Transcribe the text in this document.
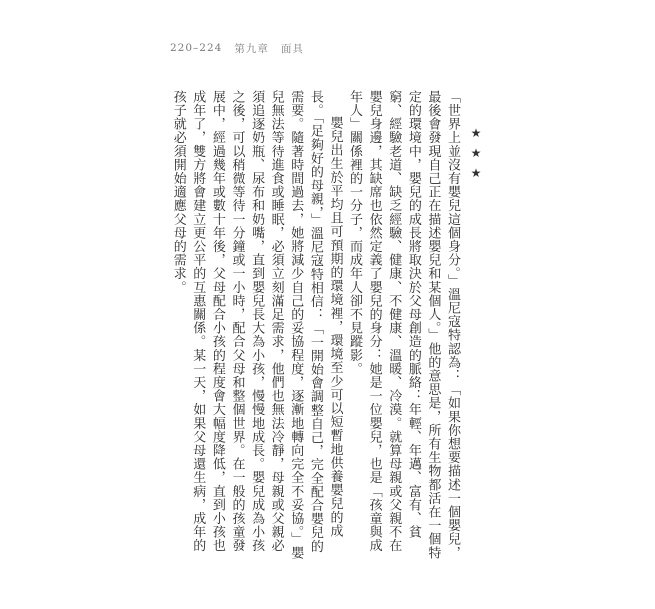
220–224 第九章 面具
★★★

「世界上並沒有嬰兒這個身分。」溫尼寇特認為：「如果你想要描述一個嬰兒，最後會發現自己正在描述嬰兒和某個人。」他的意思是，所有生物都活在一個特定的環境中，嬰兒的成長將取決於父母創造的脈絡：年輕、年邁、富有、貧窮、經驗老道、缺乏經驗、健康、不健康、溫暖、冷漠。就算母親或父親不在嬰兒身邊，其缺席也依然定義了嬰兒的身分：她是一位嬰兒，也是「孩童與成年人」關係裡的一分子，而成年人卻不見蹤影。

嬰兒出生於平均且可預期的環境裡，環境至少可以短暫地供養嬰兒的成長。「足夠好的母親，」溫尼寇特相信：「一開始會調整自己，完全配合嬰兒的需要。隨著時間過去，她將減少自己的妥協程度，逐漸地轉向完全不妥協。」嬰兒無法等待進食或睡眠，必須立刻滿足需求，他們也無法冷靜，母親或父親必須追逐奶瓶、尿布和奶嘴，直到嬰兒長大為小孩，慢慢地成長。嬰兒成為小孩之後，可以稍微等待一分鐘或一小時，配合父母和整個世界。在一般的孩童發展中，經過幾年或數十年後，父母配合小孩的程度會大幅度降低，直到小孩也成年了，雙方將會建立更公平的互惠關係。某一天，如果父母還生病，成年的孩子就必須開始適應父母的需求。
